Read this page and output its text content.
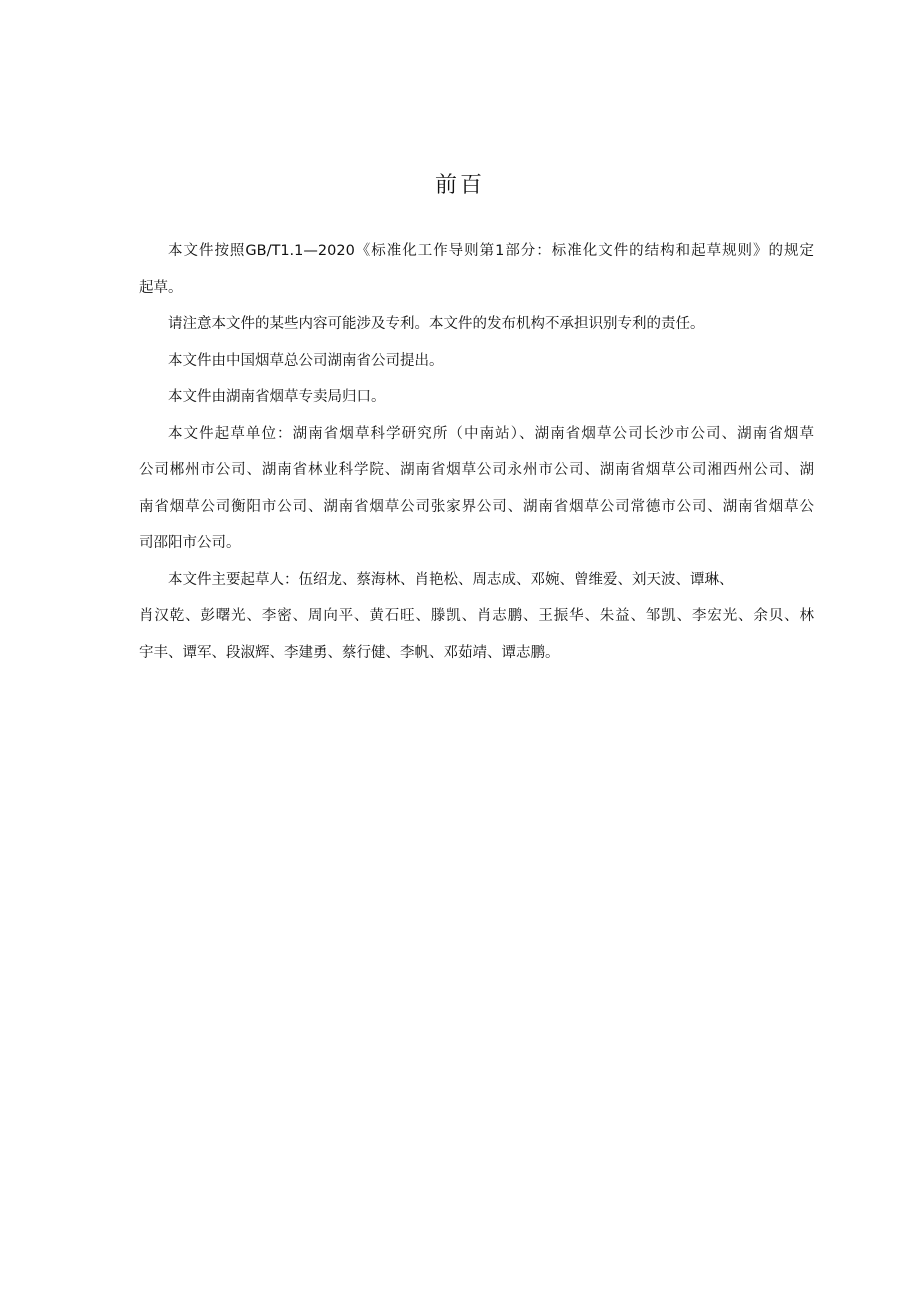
前百

本文件按照GB/T1.1—2020《标准化工作导则第1部分：标准化文件的结构和起草规则》的规定
起草。

请注意本文件的某些内容可能涉及专利。本文件的发布机构不承担识别专利的责任。

本文件由中国烟草总公司湖南省公司提出。

本文件由湖南省烟草专卖局归口。

本文件起草单位：湖南省烟草科学研究所（中南站）、湖南省烟草公司长沙市公司、湖南省烟草
公司郴州市公司、湖南省林业科学院、湖南省烟草公司永州市公司、湖南省烟草公司湘西州公司、湖
南省烟草公司衡阳市公司、湖南省烟草公司张家界公司、湖南省烟草公司常德市公司、湖南省烟草公
司邵阳市公司。

本文件主要起草人：伍绍龙、蔡海林、肖艳松、周志成、邓婉、曾维爱、刘天波、谭琳、
肖汉乾、彭曙光、李密、周向平、黄石旺、滕凯、肖志鹏、王振华、朱益、邹凯、李宏光、余贝、林
宇丰、谭军、段淑辉、李建勇、蔡行健、李帆、邓茹靖、谭志鹏。
